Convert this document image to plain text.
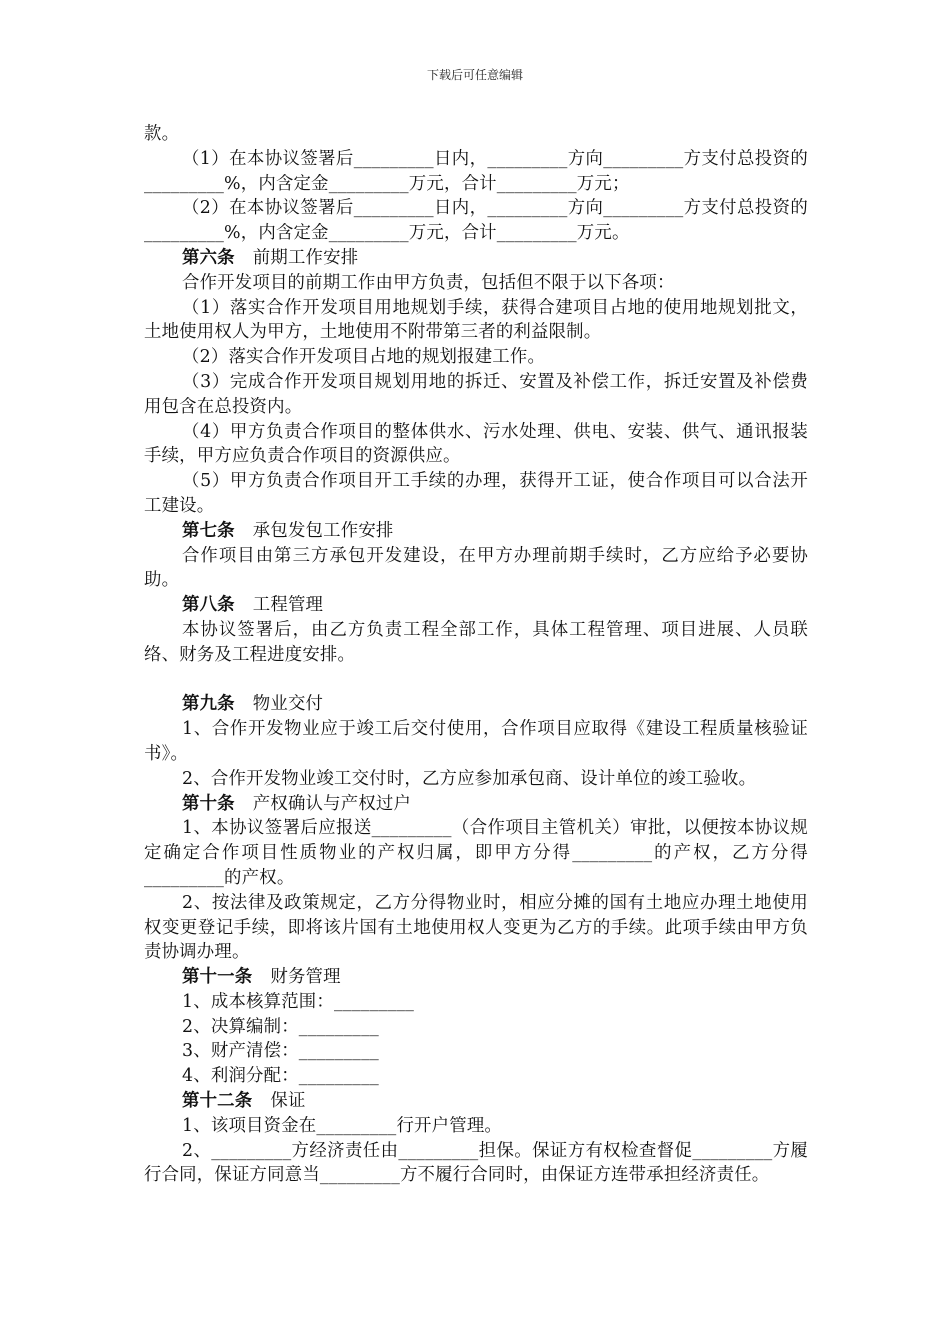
下载后可任意编辑

款。

（1）在本协议签署后_________日内，_________方向_________方支付总投资的_________%，内含定金_________万元，合计_________万元；

（2）在本协议签署后_________日内，_________方向_________方支付总投资的_________%，内含定金_________万元，合计_________万元。

第六条 前期工作安排

合作开发项目的前期工作由甲方负责，包括但不限于以下各项：

（1）落实合作开发项目用地规划手续，获得合建项目占地的使用地规划批文，土地使用权人为甲方，土地使用不附带第三者的利益限制。

（2）落实合作开发项目占地的规划报建工作。

（3）完成合作开发项目规划用地的拆迁、安置及补偿工作，拆迁安置及补偿费用包含在总投资内。

（4）甲方负责合作项目的整体供水、污水处理、供电、安装、供气、通讯报装手续，甲方应负责合作项目的资源供应。

（5）甲方负责合作项目开工手续的办理，获得开工证，使合作项目可以合法开工建设。

第七条 承包发包工作安排

合作项目由第三方承包开发建设，在甲方办理前期手续时，乙方应给予必要协助。

第八条 工程管理

本协议签署后，由乙方负责工程全部工作，具体工程管理、项目进展、人员联络、财务及工程进度安排。

第九条 物业交付

1、合作开发物业应于竣工后交付使用，合作项目应取得《建设工程质量核验证书》。

2、合作开发物业竣工交付时，乙方应参加承包商、设计单位的竣工验收。

第十条 产权确认与产权过户

1、本协议签署后应报送_________（合作项目主管机关）审批，以便按本协议规定确定合作项目性质物业的产权归属，即甲方分得_________的产权，乙方分得_________的产权。

2、按法律及政策规定，乙方分得物业时，相应分摊的国有土地应办理土地使用权变更登记手续，即将该片国有土地使用权人变更为乙方的手续。此项手续由甲方负责协调办理。

第十一条 财务管理

1、成本核算范围：_________

2、决算编制：_________

3、财产清偿：_________

4、利润分配：_________

第十二条 保证

1、该项目资金在_________行开户管理。

2、_________方经济责任由_________担保。保证方有权检查督促_________方履行合同，保证方同意当_________方不履行合同时，由保证方连带承担经济责任。
